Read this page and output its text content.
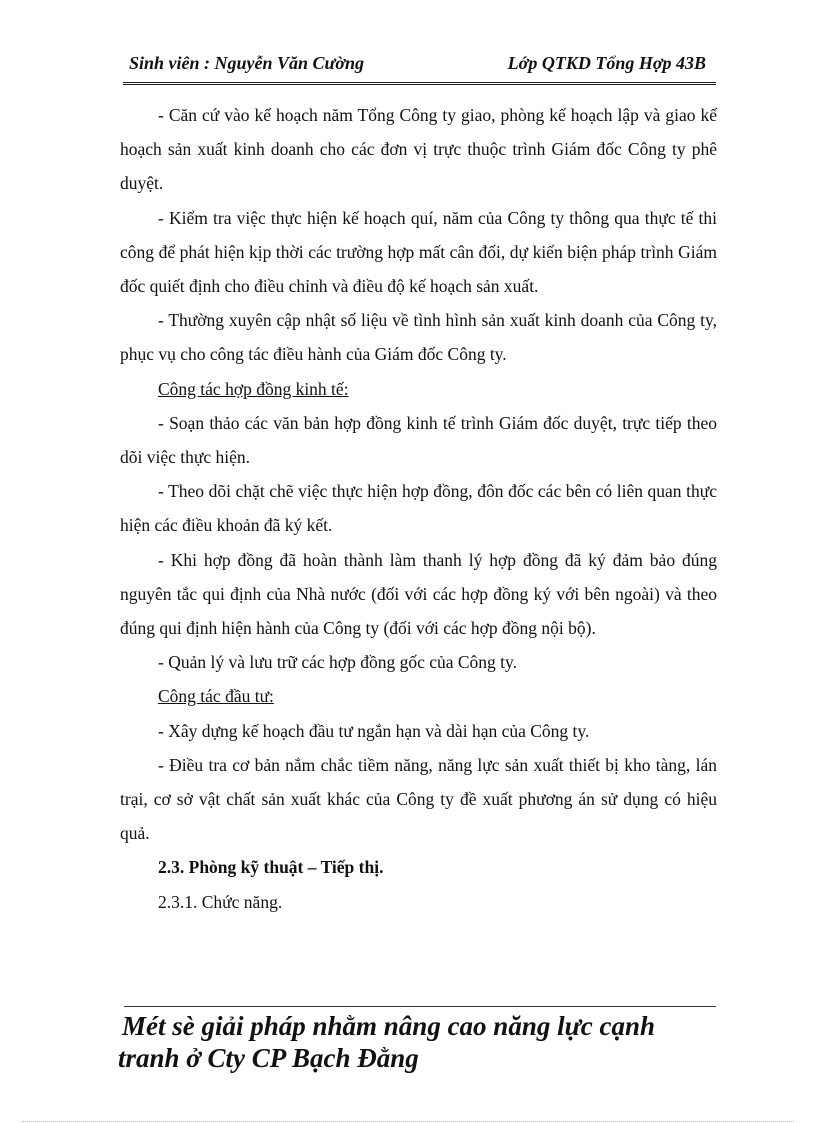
Sinh viên : Nguyễn Văn Cường	Lớp QTKD Tổng Hợp 43B

- Căn cứ vào kế hoạch năm Tổng Công ty giao, phòng kế hoạch lập và giao kế hoạch sản xuất kinh doanh cho các đơn vị trực thuộc trình Giám đốc Công ty phê duyệt.

- Kiểm tra việc thực hiện kế hoạch quí, năm của Công ty thông qua thực tế thi công để phát hiện kịp thời các trường hợp mất cân đối, dự kiến biện pháp trình Giám đốc quiết định cho điều chỉnh và điều độ kế hoạch sản xuất.

- Thường xuyên cập nhật số liệu về tình hình sản xuất kinh doanh của Công ty, phục vụ cho công tác điều hành của Giám đốc Công ty.

Công tác hợp đồng kinh tế:

- Soạn thảo các văn bản hợp đồng kinh tế trình Giám đốc duyệt, trực tiếp theo dõi việc thực hiện.

- Theo dõi chặt chẽ việc thực hiện hợp đồng, đôn đốc các bên có liên quan thực hiện các điều khoản đã ký kết.

- Khi hợp đồng đã hoàn thành làm thanh lý hợp đồng đã ký đảm bảo đúng nguyên tắc qui định của Nhà nước (đối với các hợp đồng ký với bên ngoài) và theo đúng qui định hiện hành của Công ty (đối với các hợp đồng nội bộ).

- Quản lý và lưu trữ các hợp đồng gốc của Công ty.

Công tác đầu tư:

- Xây dựng kế hoạch đầu tư ngắn hạn và dài hạn của Công ty.

- Điều tra cơ bản nắm chắc tiềm năng, năng lực sản xuất thiết bị kho tàng, lán trại, cơ sở vật chất sản xuất khác của Công ty đề xuất phương án sử dụng có hiệu quả.

2.3. Phòng kỹ thuật – Tiếp thị.

2.3.1. Chức năng.

Mét sè giải pháp nhằm nâng cao năng lực cạnh
tranh ở Cty CP Bạch Đằng
